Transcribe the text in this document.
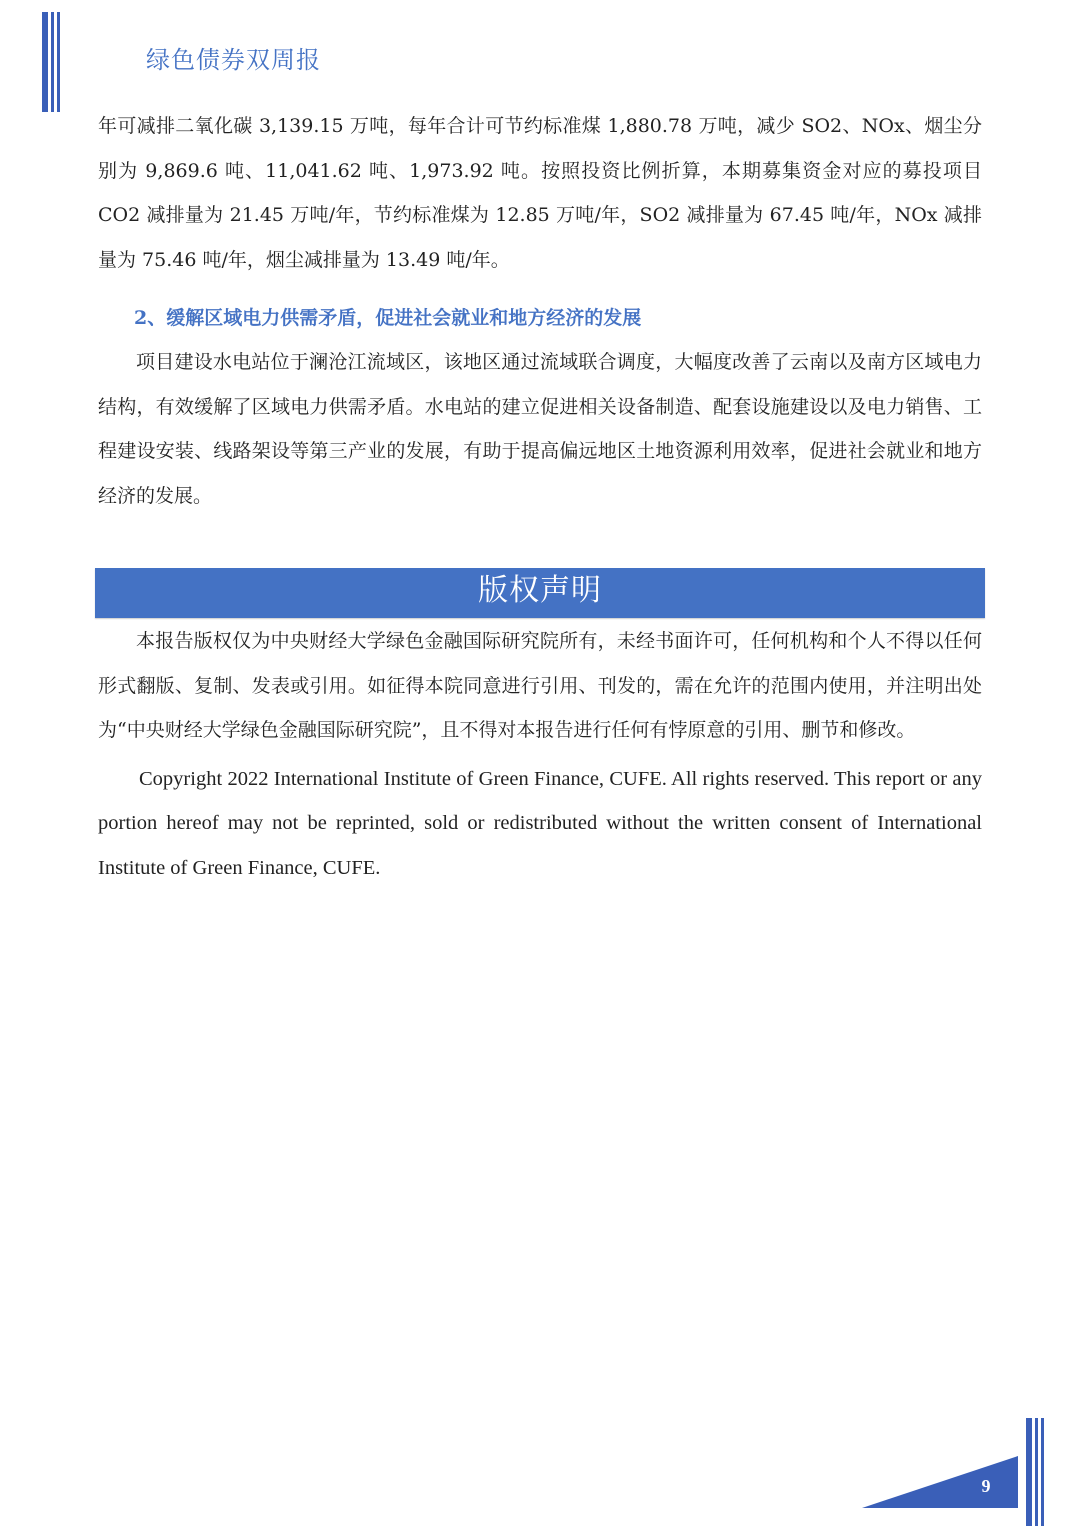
绿色债券双周报

年可减排二氧化碳 3,139.15 万吨，每年合计可节约标准煤 1,880.78 万吨，减少 SO2、NOx、烟尘分别为 9,869.6 吨、11,041.62 吨、1,973.92 吨。按照投资比例折算，本期募集资金对应的募投项目 CO2 减排量为 21.45 万吨/年，节约标准煤为 12.85 万吨/年，SO2 减排量为 67.45 吨/年，NOx 减排量为 75.46 吨/年，烟尘减排量为 13.49 吨/年。

2、缓解区域电力供需矛盾，促进社会就业和地方经济的发展

项目建设水电站位于澜沧江流域区，该地区通过流域联合调度，大幅度改善了云南以及南方区域电力结构，有效缓解了区域电力供需矛盾。水电站的建立促进相关设备制造、配套设施建设以及电力销售、工程建设安装、线路架设等第三产业的发展，有助于提高偏远地区土地资源利用效率，促进社会就业和地方经济的发展。

版权声明

本报告版权仅为中央财经大学绿色金融国际研究院所有，未经书面许可，任何机构和个人不得以任何形式翻版、复制、发表或引用。如征得本院同意进行引用、刊发的，需在允许的范围内使用，并注明出处为“中央财经大学绿色金融国际研究院”，且不得对本报告进行任何有悖原意的引用、删节和修改。

Copyright 2022 International Institute of Green Finance, CUFE. All rights reserved. This report or any portion hereof may not be reprinted, sold or redistributed without the written consent of International Institute of Green Finance, CUFE.

9
